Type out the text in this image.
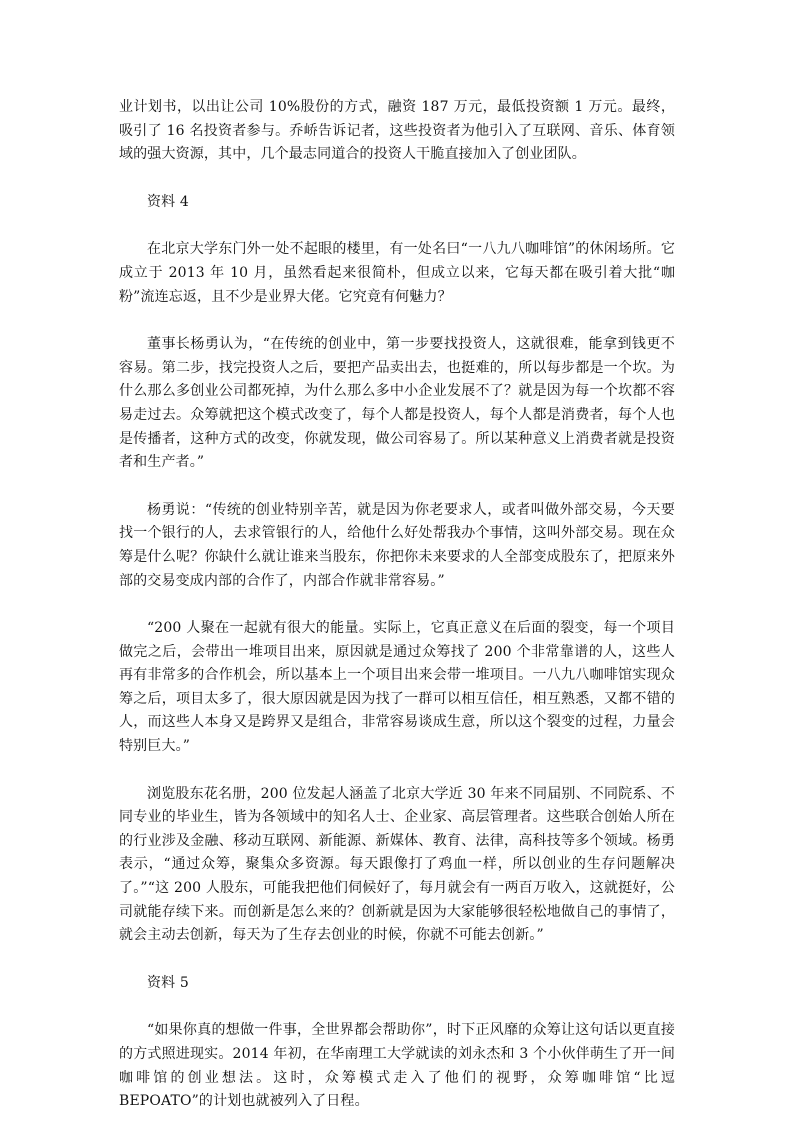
业计划书，以出让公司 10%股份的方式，融资 187 万元，最低投资额 1 万元。最终，吸引了 16 名投资者参与。乔峤告诉记者，这些投资者为他引入了互联网、音乐、体育领域的强大资源，其中，几个最志同道合的投资人干脆直接加入了创业团队。

资料 4

在北京大学东门外一处不起眼的楼里，有一处名曰“一八九八咖啡馆”的休闲场所。它成立于 2013 年 10 月，虽然看起来很简朴，但成立以来，它每天都在吸引着大批“咖粉”流连忘返，且不少是业界大佬。它究竟有何魅力？

董事长杨勇认为，“在传统的创业中，第一步要找投资人，这就很难，能拿到钱更不容易。第二步，找完投资人之后，要把产品卖出去，也挺难的，所以每步都是一个坎。为什么那么多创业公司都死掉，为什么那么多中小企业发展不了？就是因为每一个坎都不容易走过去。众筹就把这个模式改变了，每个人都是投资人，每个人都是消费者，每个人也是传播者，这种方式的改变，你就发现，做公司容易了。所以某种意义上消费者就是投资者和生产者。”

杨勇说：“传统的创业特别辛苦，就是因为你老要求人，或者叫做外部交易，今天要找一个银行的人，去求管银行的人，给他什么好处帮我办个事情，这叫外部交易。现在众筹是什么呢？你缺什么就让谁来当股东，你把你未来要求的人全部变成股东了，把原来外部的交易变成内部的合作了，内部合作就非常容易。”

“200 人聚在一起就有很大的能量。实际上，它真正意义在后面的裂变，每一个项目做完之后，会带出一堆项目出来，原因就是通过众筹找了 200 个非常靠谱的人，这些人再有非常多的合作机会，所以基本上一个项目出来会带一堆项目。一八九八咖啡馆实现众筹之后，项目太多了，很大原因就是因为找了一群可以相互信任，相互熟悉，又都不错的人，而这些人本身又是跨界又是组合，非常容易谈成生意，所以这个裂变的过程，力量会特别巨大。”

浏览股东花名册，200 位发起人涵盖了北京大学近 30 年来不同届别、不同院系、不同专业的毕业生，皆为各领域中的知名人士、企业家、高层管理者。这些联合创始人所在的行业涉及金融、移动互联网、新能源、新媒体、教育、法律，高科技等多个领域。杨勇表示，“通过众筹，聚集众多资源。每天跟像打了鸡血一样，所以创业的生存问题解决了。”“这 200 人股东，可能我把他们伺候好了，每月就会有一两百万收入，这就挺好，公司就能存续下来。而创新是怎么来的？创新就是因为大家能够很轻松地做自己的事情了，就会主动去创新，每天为了生存去创业的时候，你就不可能去创新。”

资料 5

“如果你真的想做一件事，全世界都会帮助你”，时下正风靡的众筹让这句话以更直接的方式照进现实。2014 年初，在华南理工大学就读的刘永杰和 3 个小伙伴萌生了开一间咖啡馆的创业想法。这时，众筹模式走入了他们的视野，众筹咖啡馆“比逗 BEPOATO”的计划也就被列入了日程。
